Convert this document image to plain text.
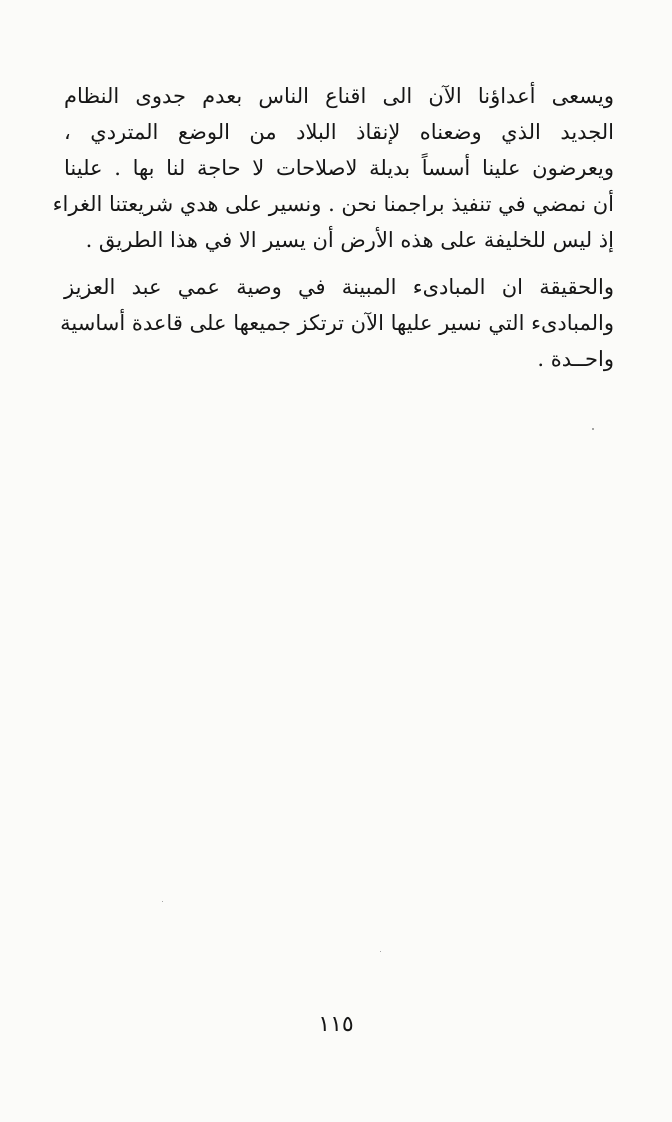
ويسعى أعداؤنا الآن الى اقناع الناس بعدم جدوى النظام
الجديد الذي وضعناه لإنقاذ البلاد من الوضع المتردي ،
ويعرضون علينا أسساً بديلة لاصلاحات لا حاجة لنا بها . علينا
أن نمضي في تنفيذ براجمنا نحن . ونسير على هدي شريعتنا الغراء
إذ ليس للخليفة على هذه الأرض أن يسير الا في هذا الطريق .
والحقيقة ان المبادىء المبينة في وصية عمي عبد العزيز
والمبادىء التي نسير عليها الآن ترتكز جميعها على قاعدة أساسية
واحــدة .
١١٥
